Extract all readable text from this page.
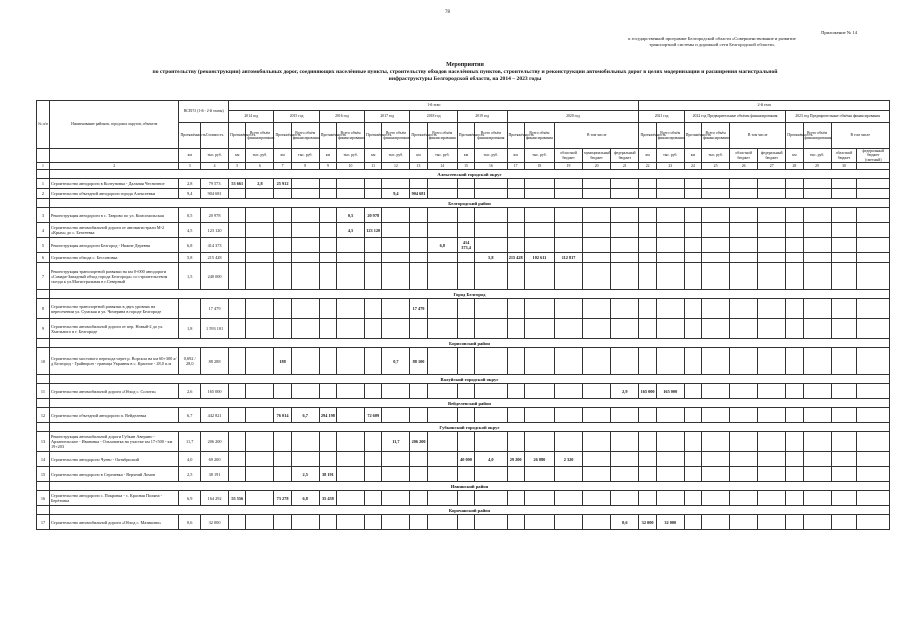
78
Приложение № 14
к государственной программе Белгородской области «Совершенствование и развитие
транспортной системы и дорожной сети Белгородской области»
Мероприятия
по строительству (реконструкции) автомобильных дорог, соединяющих населённые пункты, строительству обходов населённых пунктов, строительству и реконструкции автомобильных дорог в целях модернизации и расширения магистральной
инфраструктуры Белгородской области, на 2014 – 2023 годы
№ п/п	Наименование районов, городских округов, объектов	ВСЕГО (1-й - 2-й этапы)		1-й этап																	2-й этап									
				2014 год		2015 год		2016 год		2017 год		2018 год		2019 год		2020 год					2021 год		2022 год Предварительные объёмы финансирования				2023 год Предварительные объёмы финансирования			
		Протяжённость	Стоимость	Протяжённость	Всего объём финансирования	Протяжённость	Всего объём финансирования	Протяжённость	Всего объём финансирования	Протяжённость	Всего объём финансирования	Протяжённость	Всего объём финансирования	Протяжённость	Всего объём финансирования	Протяжённость	Всего объём финансирования	В том числе			Протяжённость	Всего объём финансирования	Протяжённость	Всего объём финансирования	В том числе		Протяжённость	Всего объём финансирования	В том числе	
		км	тыс. руб.	км	тыс. руб.	км	тыс. руб.	км	тыс. руб.	км	тыс. руб.	км	тыс. руб.	км	тыс. руб.	км	тыс. руб.	областной бюджет	муниципальный бюджет	федеральный бюджет	км	тыс. руб.	км	тыс. руб.	областной бюджет	федеральный бюджет	км	тыс. руб.	областной бюджет	федеральный бюджет (сметный)
1	2	3	4	5	6	7	8	9	10	11	12	13	14	15	16	17	18	19	20	21	22	23	24	25	26	27	28	29	30	
	Алексеевский городской округ																													
1	Строительство автодороги в Колтуновка - Дальняя Чесночное	2,8	79 573	53 661	2,8	25 912																								
2	Строительство объездной автодороги города Алексеевки	9,4	904 681								9,4	904 681																		
	Белгородский район																													
3	Реконструкция автодороги в с. Таврово по ул. Комсомольская	0,5	20 978						0,5	20 978																				
4	Строительство автомобильной дороги от автомагистрали М-2 «Крым» до с. Бехтеевка	4,5	123 120						4,5	123 120																				
5	Реконструкция автодороги Белгород - Нижне Деревня	6,8	414 373										6,8	414 373,4																
6	Строительство обхода с. Бессоновка	5,8	215 428												5,8	215 428	102 611	112 817												
7	Реконструкция транспортной развязки на км 0+000 автодороги «Самара-Западный обход города Белгорода» со строительством съезда к ул.Магистральная в г.Северный	1,5	240 000																											
	Город Белгород																													
8	Строительство транспортной развязки в двух уровнях на пересечении ул. Сумская и ул. Чичерина в городе Белгороде		17 479									17 479																		
9	Строительство автомобильной дороги от пер. Новый-2 до ул. Хмельного в г. Белгороде	1,8	1 593 101																											
	Борисовский район																													
10	Строительство мостового перехода через р. Ворскла на км 60+300 а/д Белгород - Грайворон - граница Украины в с. Красное - 28,0 п.м	0,692 / 28,0	88 288			188					0,7	88 100																		
	Валуйский городской округ																													
11	Строительство автомобильной дороги «Обход с. Солоти»	2,6	165 000																	2,9	165 000	165 000								
	Вейделевский район																													
12	Строительство объездной автодороги п. Вейделевка	6,7	442 821			76 014	6,7	294 198		72 609																				
	Губкинский городской округ																													
13	Реконструкция автомобильной дороги Губкин Аверино - Архангельское - Ивановка - Ольховатка на участке км 17+500 - км 19+203	11,7	206 200								11,7	206 200																		
14	Строительство автодороги Чуево - Октябрьский	4,0	69 200											40 000	4,0	29 200	26 880	2 320												
15	Строительство автодороги в Сергиевка - Верхний Ломов	2,5	38 191				2,5	38 191																						
	Ивнянский район																													
16	Строительство автодороги с. Покровка - с. Красная Поляна - Берёзовка	6,9	164 292	55 556		73 278	6,8	35 458																						
	Корочанский район																													
17	Строительство автомобильной дороги «Обход с. Мазикино»	0,6	32 000																	0,6	32 000	32 000								
